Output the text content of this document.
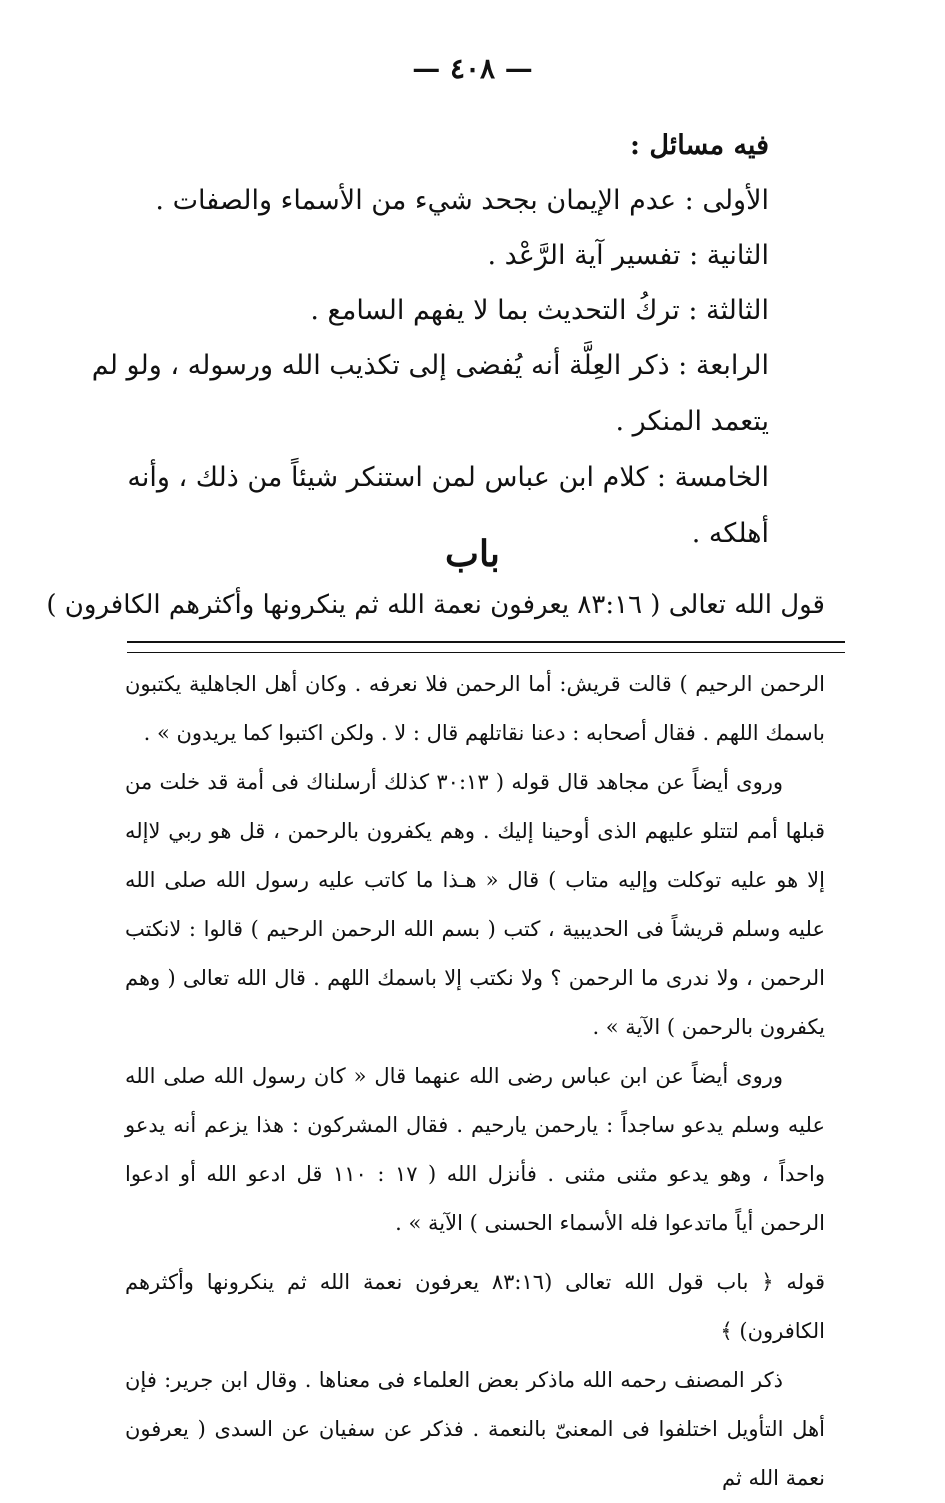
— ٤٠٨ —

فيه مسائل :

الأولى : عدم الإيمان بجحد شيء من الأسماء والصفات .

الثانية : تفسير آية الرَّعْد .

الثالثة : تركُ التحديث بما لا يفهم السامع .

الرابعة : ذكر العِلَّة أنه يُفضى إلى تكذيب الله ورسوله ، ولو لم يتعمد المنكر .

الخامسة : كلام ابن عباس لمن استنكر شيئاً من ذلك ، وأنه أهلكه .

باب
قول الله تعالى ( ٨٣:١٦ يعرفون نعمة الله ثم ينكرونها وأكثرهم الكافرون )

الرحمن الرحيم ) قالت قريش: أما الرحمن فلا نعرفه . وكان أهل الجاهلية يكتبون باسمك اللهم . فقال أصحابه : دعنا نقاتلهم قال : لا . ولكن اكتبوا كما يريدون » .

وروى أيضاً عن مجاهد قال قوله ( ٣٠:١٣ كذلك أرسلناك فى أمة قد خلت من قبلها أمم لتتلو عليهم الذى أوحينا إليك . وهم يكفرون بالرحمن ، قل هو ربي لاإله إلا هو عليه توكلت وإليه متاب ) قال « هـذا ما كاتب عليه رسول الله صلى الله عليه وسلم قريشاً فى الحديبية ، كتب ( بسم الله الرحمن الرحيم ) قالوا : لانكتب الرحمن ، ولا ندرى ما الرحمن ؟ ولا نكتب إلا باسمك اللهم . قال الله تعالى ( وهم يكفرون بالرحمن ) الآية » .

وروى أيضاً عن ابن عباس رضى الله عنهما قال « كان رسول الله صلى الله عليه وسلم يدعو ساجداً : يارحمن يارحيم . فقال المشركون : هذا يزعم أنه يدعو واحداً ، وهو يدعو مثنى مثنى . فأنزل الله ( ١٧ : ١١٠ قل ادعو الله أو ادعوا الرحمن أياً ماتدعوا فله الأسماء الحسنى ) الآية » .

قوله ﴿ باب قول الله تعالى (٨٣:١٦ يعرفون نعمة الله ثم ينكرونها وأكثرهم الكافرون) ﴾

ذكر المصنف رحمه الله ماذكر بعض العلماء فى معناها . وقال ابن جرير: فإن أهل التأويل اختلفوا فى المعنىّ بالنعمة . فذكر عن سفيان عن السدى ( يعرفون نعمة الله ثم
